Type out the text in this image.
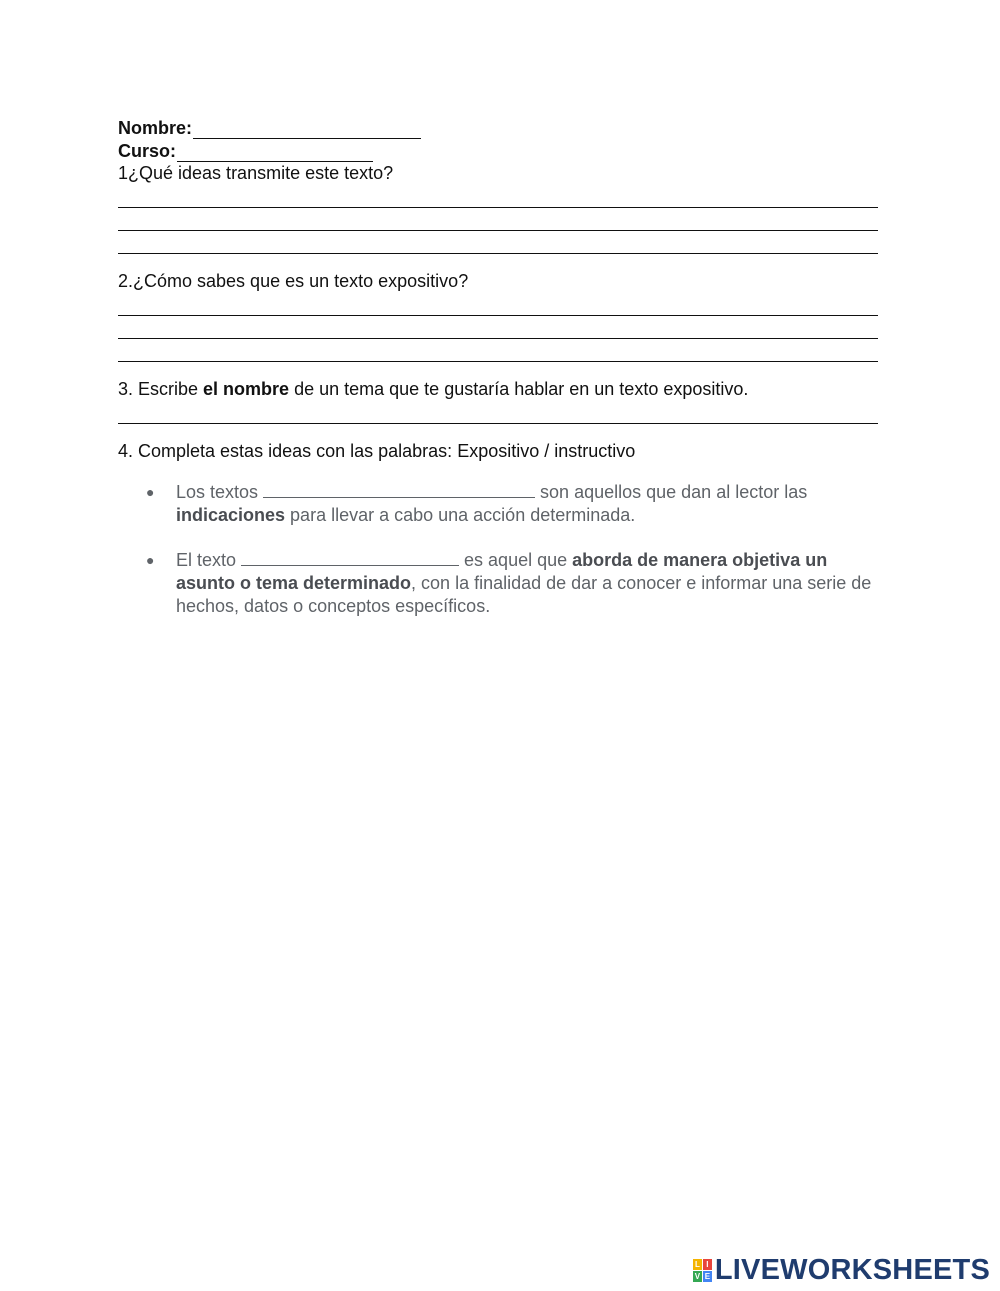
Nombre:
Curso:
1¿Qué ideas transmite este texto?
2.¿Cómo sabes que es un texto expositivo?
3. Escribe el nombre de un tema que te gustaría hablar en un texto expositivo.
4. Completa estas ideas con las palabras: Expositivo / instructivo
●	Los textos	son aquellos que dan al lector las indicaciones para llevar a cabo una acción determinada.
●	El texto	es aquel que aborda de manera objetiva un asunto o tema determinado, con la finalidad de dar a conocer e informar una serie de hechos, datos o conceptos específicos.
L I
V E LIVEWORKSHEETS
